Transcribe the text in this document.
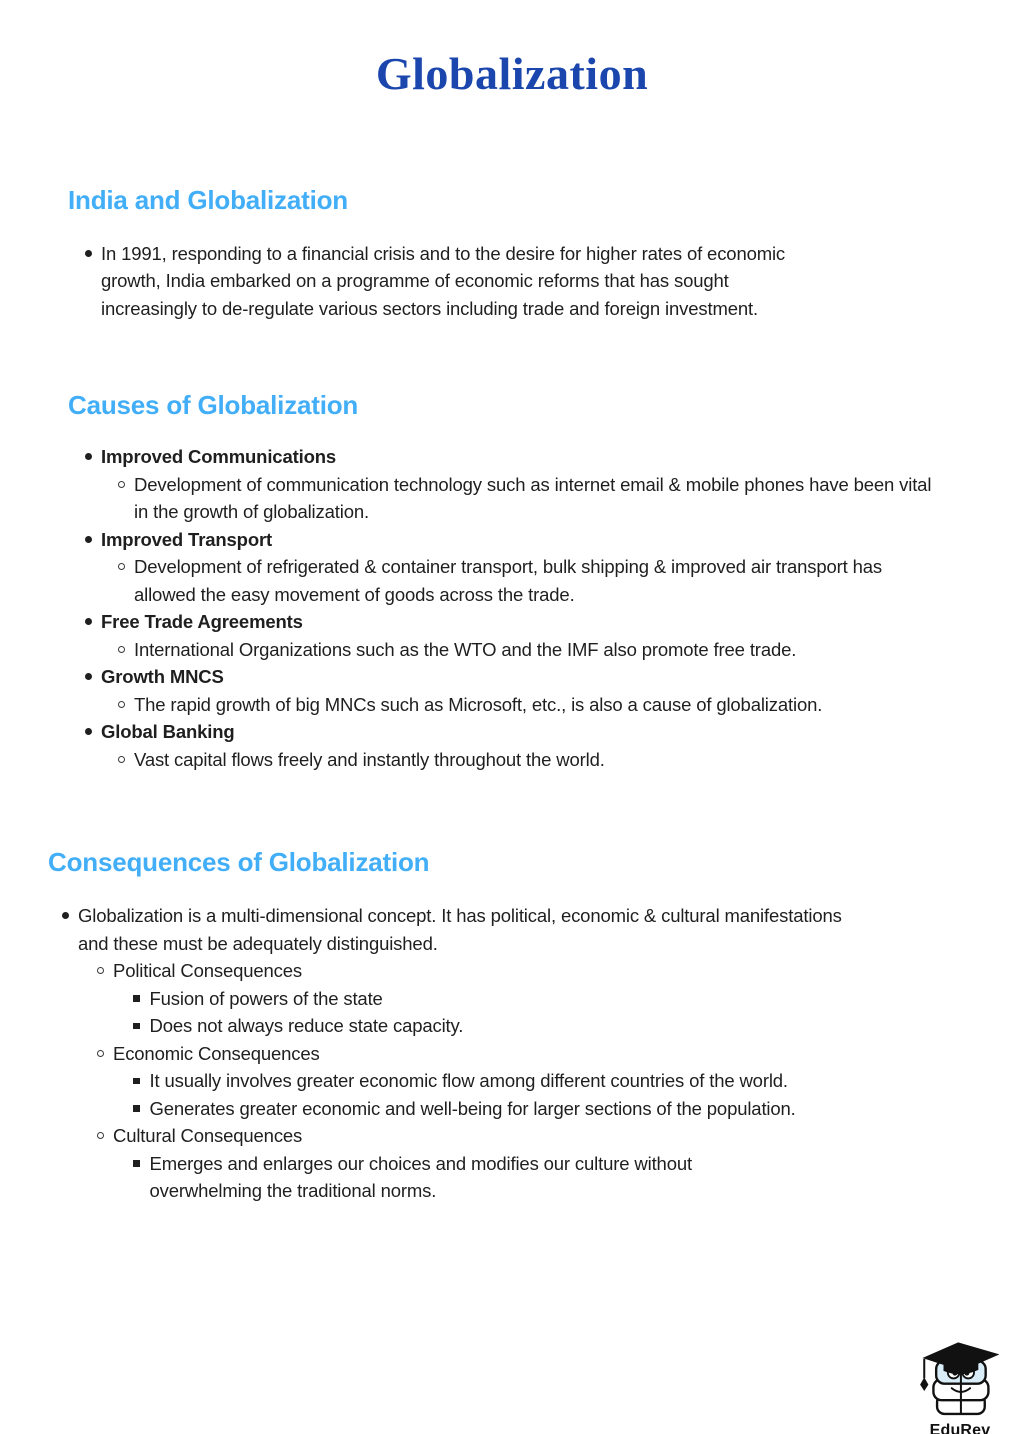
Globalization
India and Globalization

In 1991, responding to a financial crisis and to the desire for higher rates of economic growth, India embarked on a programme of economic reforms that has sought increasingly to de-regulate various sectors including trade and foreign investment.

Causes of Globalization

Improved Communications

Development of communication technology such as internet email & mobile phones have been vital in the growth of globalization.

Improved Transport

Development of refrigerated & container transport, bulk shipping & improved air transport has allowed the easy movement of goods across the trade.

Free Trade Agreements

International Organizations such as the WTO and the IMF also promote free trade.

Growth MNCS

The rapid growth of big MNCs such as Microsoft, etc., is also a cause of globalization.

Global Banking

Vast capital flows freely and instantly throughout the world.

Consequences of Globalization

Globalization is a multi-dimensional concept. It has political, economic & cultural manifestations and these must be adequately distinguished.

Political Consequences

Fusion of powers of the state

Does not always reduce state capacity.

Economic Consequences

It usually involves greater economic flow among different countries of the world.

Generates greater economic and well-being for larger sections of the population.

Cultural Consequences

Emerges and enlarges our choices and modifies our culture without overwhelming the traditional norms.

EduRev
